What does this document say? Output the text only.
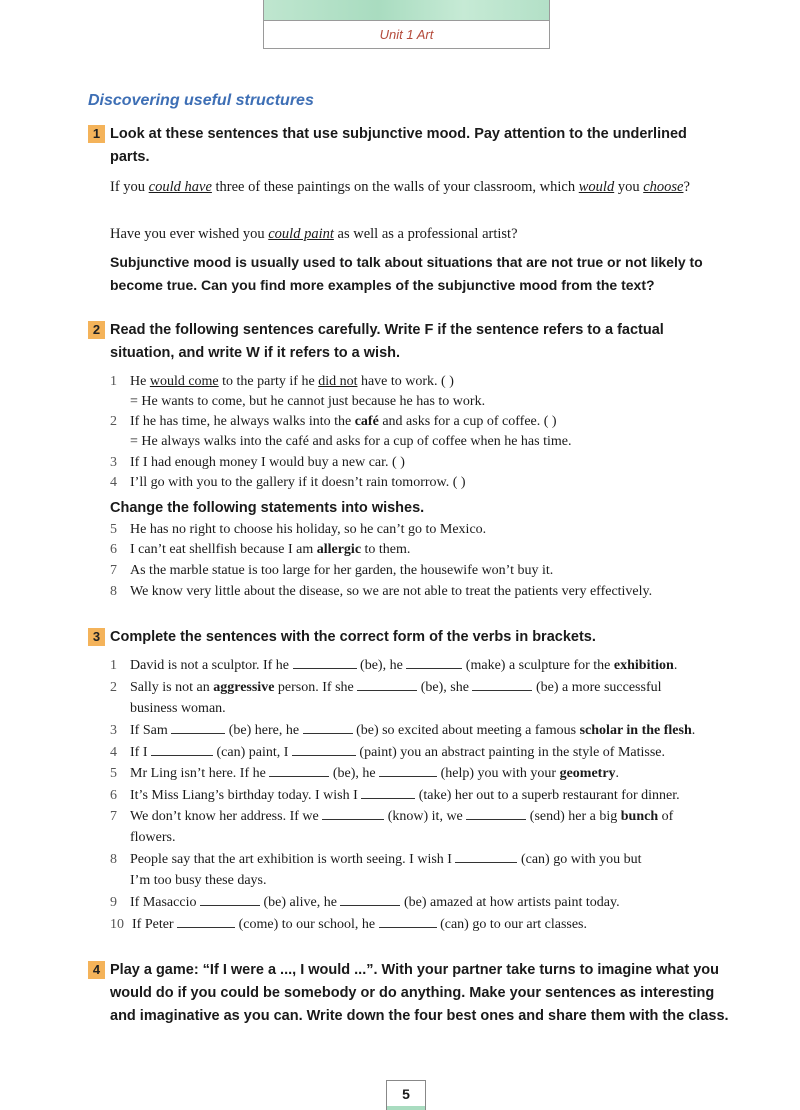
Unit 1 Art
Discovering useful structures
1 Look at these sentences that use subjunctive mood. Pay attention to the underlined parts.
If you could have three of these paintings on the walls of your classroom, which would you choose?
Have you ever wished you could paint as well as a professional artist?
Subjunctive mood is usually used to talk about situations that are not true or not likely to become true. Can you find more examples of the subjunctive mood from the text?
2 Read the following sentences carefully. Write F if the sentence refers to a factual situation, and write W if it refers to a wish.
1 He would come to the party if he did not have to work. ( )
= He wants to come, but he cannot just because he has to work.
2 If he has time, he always walks into the café and asks for a cup of coffee. ( )
= He always walks into the café and asks for a cup of coffee when he has time.
3 If I had enough money I would buy a new car. ( )
4 I’ll go with you to the gallery if it doesn’t rain tomorrow. ( )
Change the following statements into wishes.
5 He has no right to choose his holiday, so he can’t go to Mexico.
6 I can’t eat shellfish because I am allergic to them.
7 As the marble statue is too large for her garden, the housewife won’t buy it.
8 We know very little about the disease, so we are not able to treat the patients very effectively.
3 Complete the sentences with the correct form of the verbs in brackets.
1 David is not a sculptor. If he	(be), he	(make) a sculpture for the exhibition.
2 Sally is not an aggressive person. If she	(be), she	(be) a more successful
business woman.
3 If Sam	(be) here, he	(be) so excited about meeting a famous scholar in the flesh.
4 If I	(can) paint, I	(paint) you an abstract painting in the style of Matisse.
5 Mr Ling isn’t here. If he	(be), he	(help) you with your geometry.
6 It’s Miss Liang’s birthday today. I wish I	(take) her out to a superb restaurant for dinner.
7 We don’t know her address. If we	(know) it, we	(send) her a big bunch of
flowers.
8 People say that the art exhibition is worth seeing. I wish I	(can) go with you but
I’m too busy these days.
9 If Masaccio	(be) alive, he	(be) amazed at how artists paint today.
10 If Peter	(come) to our school, he	(can) go to our art classes.
4 Play a game: “If I were a ..., I would ...”. With your partner take turns to imagine what you would do if you could be somebody or do anything. Make your sentences as interesting and imaginative as you can. Write down the four best ones and share them with the class.
5
